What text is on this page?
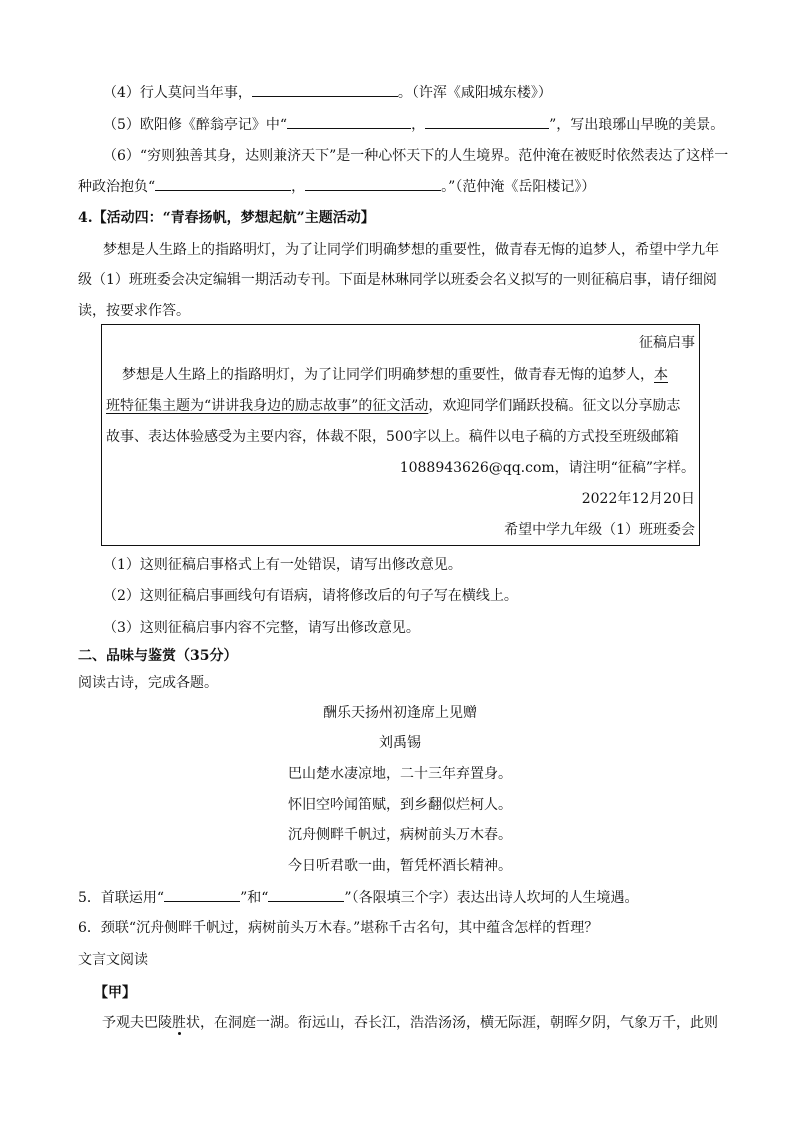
（4）行人莫问当年事，	。（许浑《咸阳城东楼》）
（5）欧阳修《醉翁亭记》中“	，	”，写出琅琊山早晚的美景。
（6）“穷则独善其身，达则兼济天下”是一种心怀天下的人生境界。范仲淹在被贬时依然表达了这样一
种政治抱负“	，	。”（范仲淹《岳阳楼记》）
4.【活动四：“青春扬帆，梦想起航”主题活动】
梦想是人生路上的指路明灯，为了让同学们明确梦想的重要性，做青春无悔的追梦人，希望中学九年
级（1）班班委会决定编辑一期活动专刊。下面是林琳同学以班委会名义拟写的一则征稿启事，请仔细阅
读，按要求作答。
征稿启事
梦想是人生路上的指路明灯，为了让同学们明确梦想的重要性，做青春无悔的追梦人，本
班特征集主题为“讲讲我身边的励志故事”的征文活动，欢迎同学们踊跃投稿。征文以分享励志
故事、表达体验感受为主要内容，体裁不限，500字以上。稿件以电子稿的方式投至班级邮箱
1088943626@qq.com，请注明“征稿”字样。
2022年12月20日
希望中学九年级（1）班班委会
（1）这则征稿启事格式上有一处错误，请写出修改意见。
（2）这则征稿启事画线句有语病，请将修改后的句子写在横线上。
（3）这则征稿启事内容不完整，请写出修改意见。
二、品味与鉴赏（35分）
阅读古诗，完成各题。
酬乐天扬州初逢席上见赠
刘禹锡
巴山楚水凄凉地，二十三年弃置身。
怀旧空吟闻笛赋，到乡翻似烂柯人。
沉舟侧畔千帆过，病树前头万木春。
今日听君歌一曲，暂凭杯酒长精神。
5．首联运用“	”和“	”（各限填三个字）表达出诗人坎坷的人生境遇。
6．颈联“沉舟侧畔千帆过，病树前头万木春。”堪称千古名句，其中蕴含怎样的哲理？
文言文阅读
【甲】
予观夫巴陵胜状，在洞庭一湖。衔远山，吞长江，浩浩汤汤，横无际涯，朝晖夕阴，气象万千，此则
